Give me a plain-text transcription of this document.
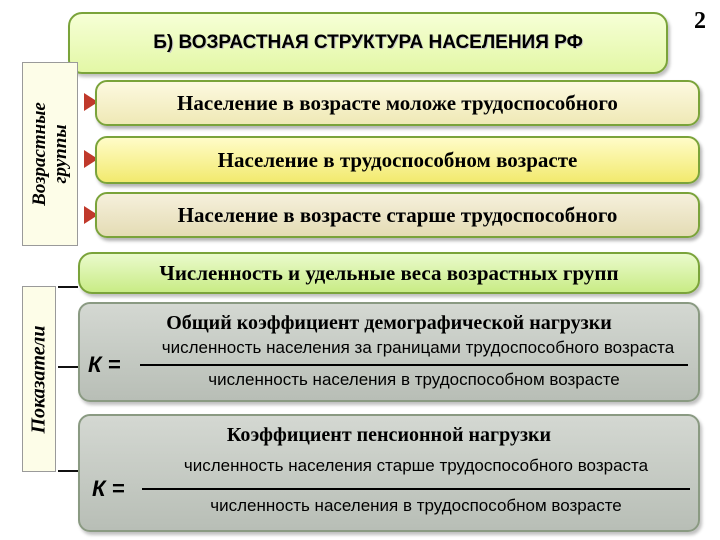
Б) ВОЗРАСТНАЯ СТРУКТУРА НАСЕЛЕНИЯ РФ
2
Возрастные группы
Население в возрасте моложе трудоспособного
Население в трудоспособном возрасте
Население в возрасте старше трудоспособного
Показатели
Численность и удельные веса возрастных групп
Общий коэффициент демографической нагрузки
К =
численность населения за границами трудоспособного возраста
численность населения в трудоспособном возрасте
Коэффициент пенсионной нагрузки
К =
численность населения старше трудоспособного возраста
численность населения в трудоспособном возрасте
